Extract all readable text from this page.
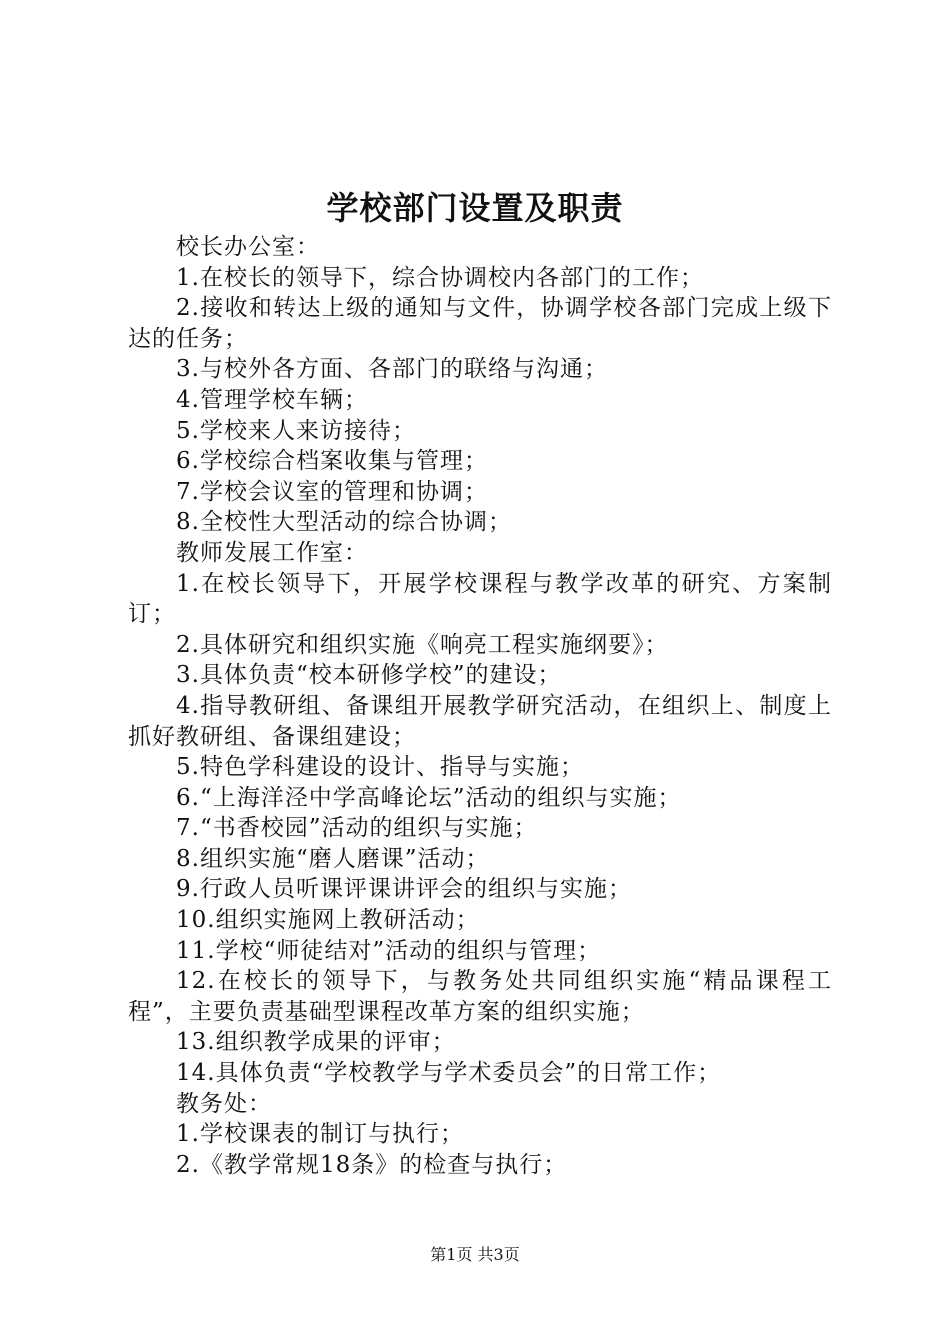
学校部门设置及职责

校长办公室：

1.在校长的领导下，综合协调校内各部门的工作；

2.接收和转达上级的通知与文件，协调学校各部门完成上级下达的任务；

3.与校外各方面、各部门的联络与沟通；

4.管理学校车辆；

5.学校来人来访接待；

6.学校综合档案收集与管理；

7.学校会议室的管理和协调；

8.全校性大型活动的综合协调；

教师发展工作室：

1.在校长领导下，开展学校课程与教学改革的研究、方案制订；

2.具体研究和组织实施《响亮工程实施纲要》；

3.具体负责“校本研修学校”的建设；

4.指导教研组、备课组开展教学研究活动，在组织上、制度上抓好教研组、备课组建设；

5.特色学科建设的设计、指导与实施；

6.“上海洋泾中学高峰论坛”活动的组织与实施；

7.“书香校园”活动的组织与实施；

8.组织实施“磨人磨课”活动；

9.行政人员听课评课讲评会的组织与实施；

10.组织实施网上教研活动；

11.学校“师徒结对”活动的组织与管理；

12.在校长的领导下，与教务处共同组织实施“精品课程工程”，主要负责基础型课程改革方案的组织实施；

13.组织教学成果的评审；

14.具体负责“学校教学与学术委员会”的日常工作；

教务处：

1.学校课表的制订与执行；

2.《教学常规18条》的检查与执行；

第1页 共3页
